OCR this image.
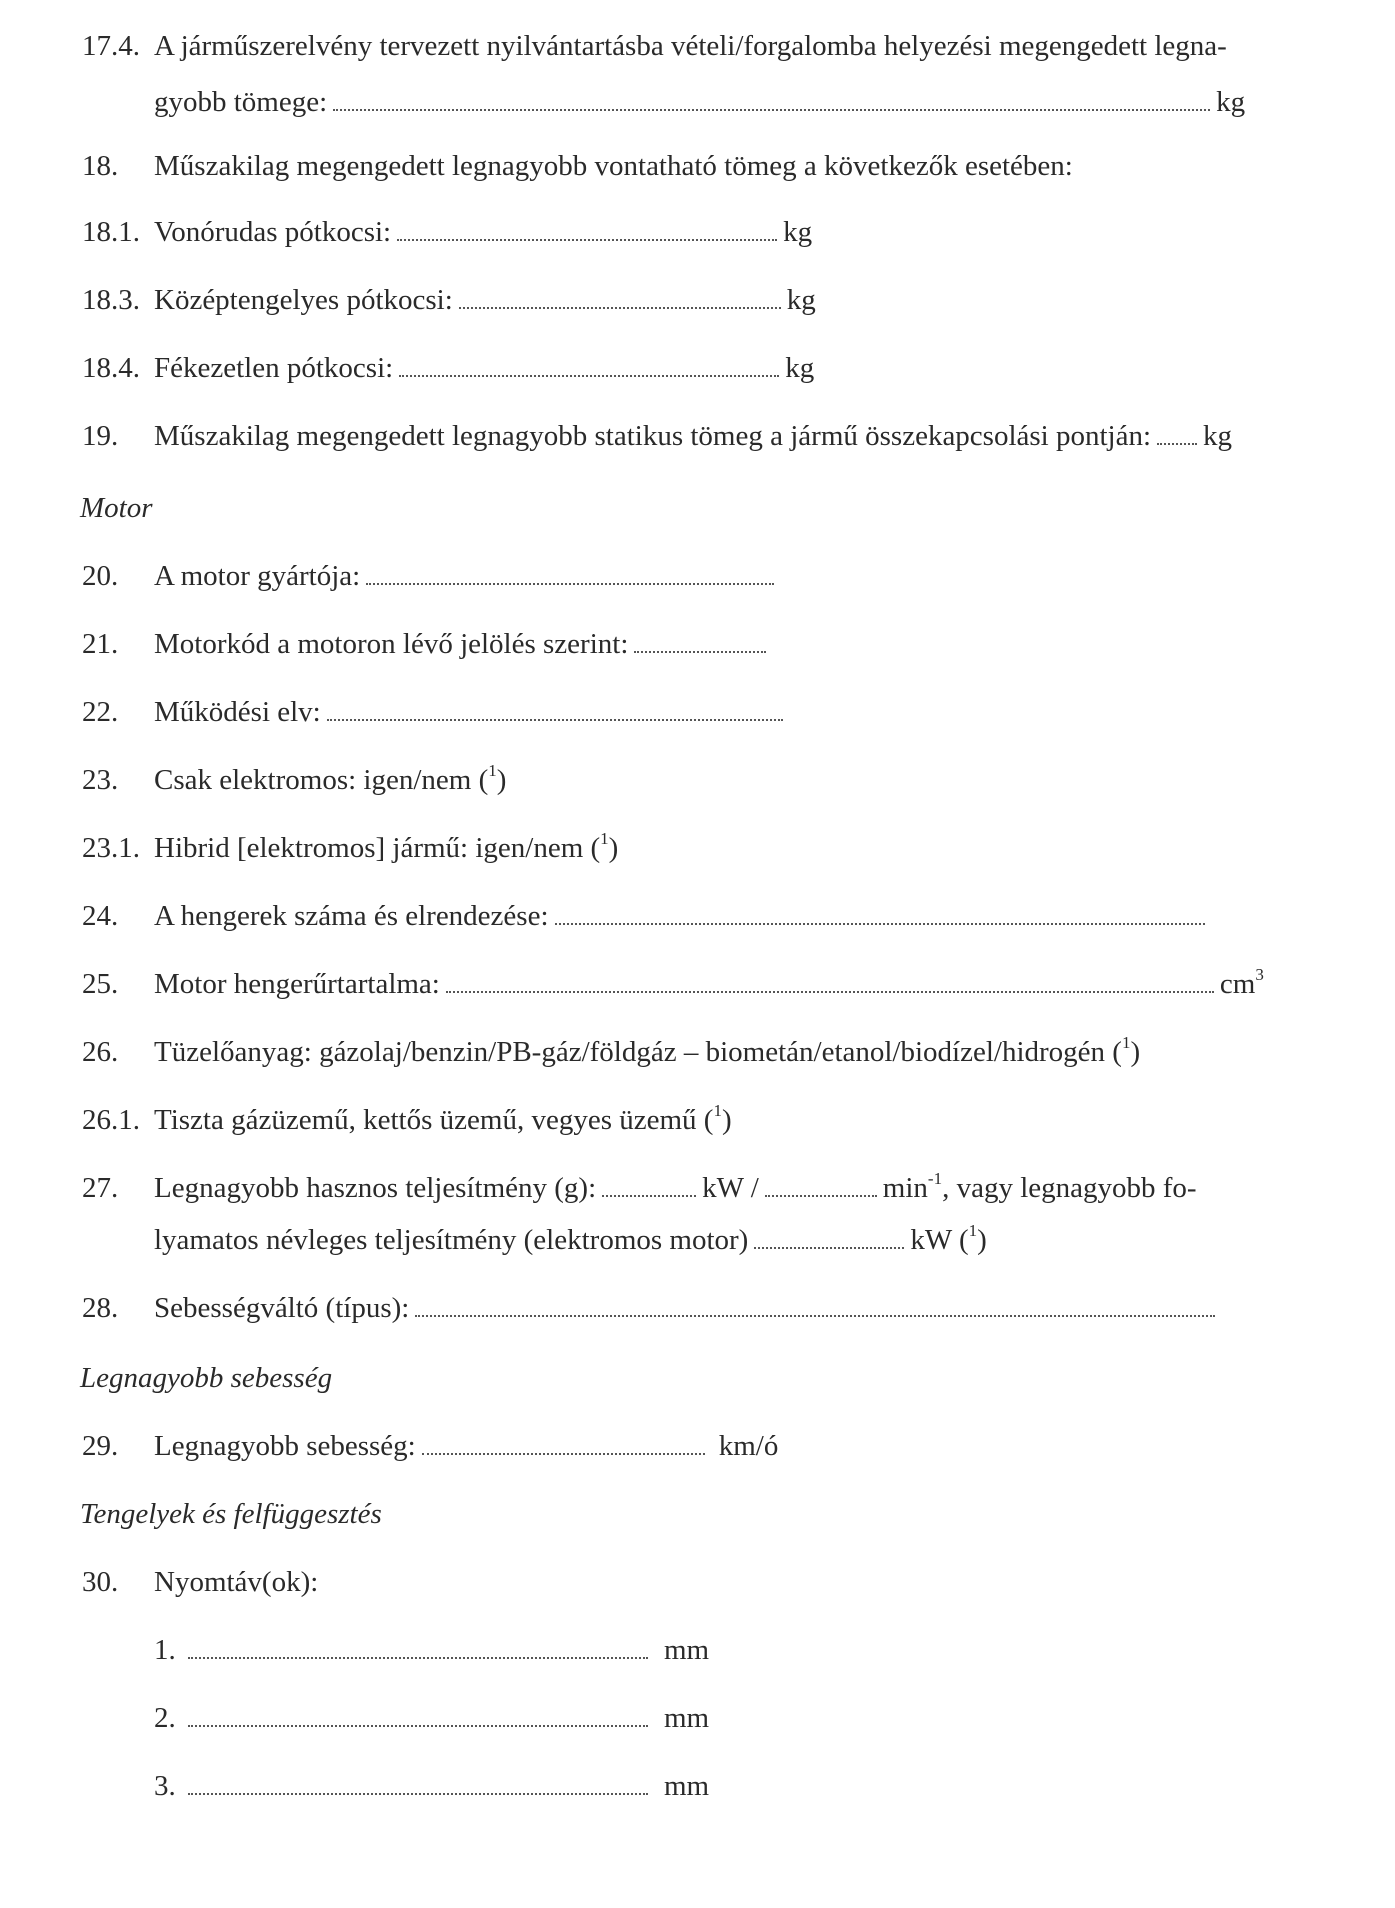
17.4. A járműszerelvény tervezett nyilvántartásba vételi/forgalomba helyezési megengedett legna-
gyobb tömege:	kg
18. Műszakilag megengedett legnagyobb vontatható tömeg a következők esetében:
18.1. Vonórudas pótkocsi:	kg
18.3. Középtengelyes pótkocsi:	kg
18.4. Fékezetlen pótkocsi:	kg
19. Műszakilag megengedett legnagyobb statikus tömeg a jármű összekapcsolási pontján: kg
Motor
20. A motor gyártója:
21. Motorkód a motoron lévő jelölés szerint:
22. Működési elv:
23. Csak elektromos: igen/nem ($^1$)
23.1. Hibrid [elektromos] jármű: igen/nem ($^1$)
24. A hengerek száma és elrendezése:
25. Motor hengerűrtartalma:	$cm^3$
26. Tüzelőanyag: gázolaj/benzin/PB-gáz/földgáz – biometán/etanol/biodízel/hidrogén ($^1$)
26.1. Tiszta gázüzemű, kettős üzemű, vegyes üzemű ($^1$)
27. Legnagyobb hasznos teljesítmény (g):	kW /	$\min^{-1}$, vagy legnagyobb fo-
lyamatos névleges teljesítmény (elektromos motor)	kW ($^1$)
28. Sebességváltó (típus):
Legnagyobb sebesség
29. Legnagyobb sebesség:	km/ó
Tengelyek és felfüggesztés
30. Nyomtáv(ok):
1.	mm
2.	mm
3.	mm
